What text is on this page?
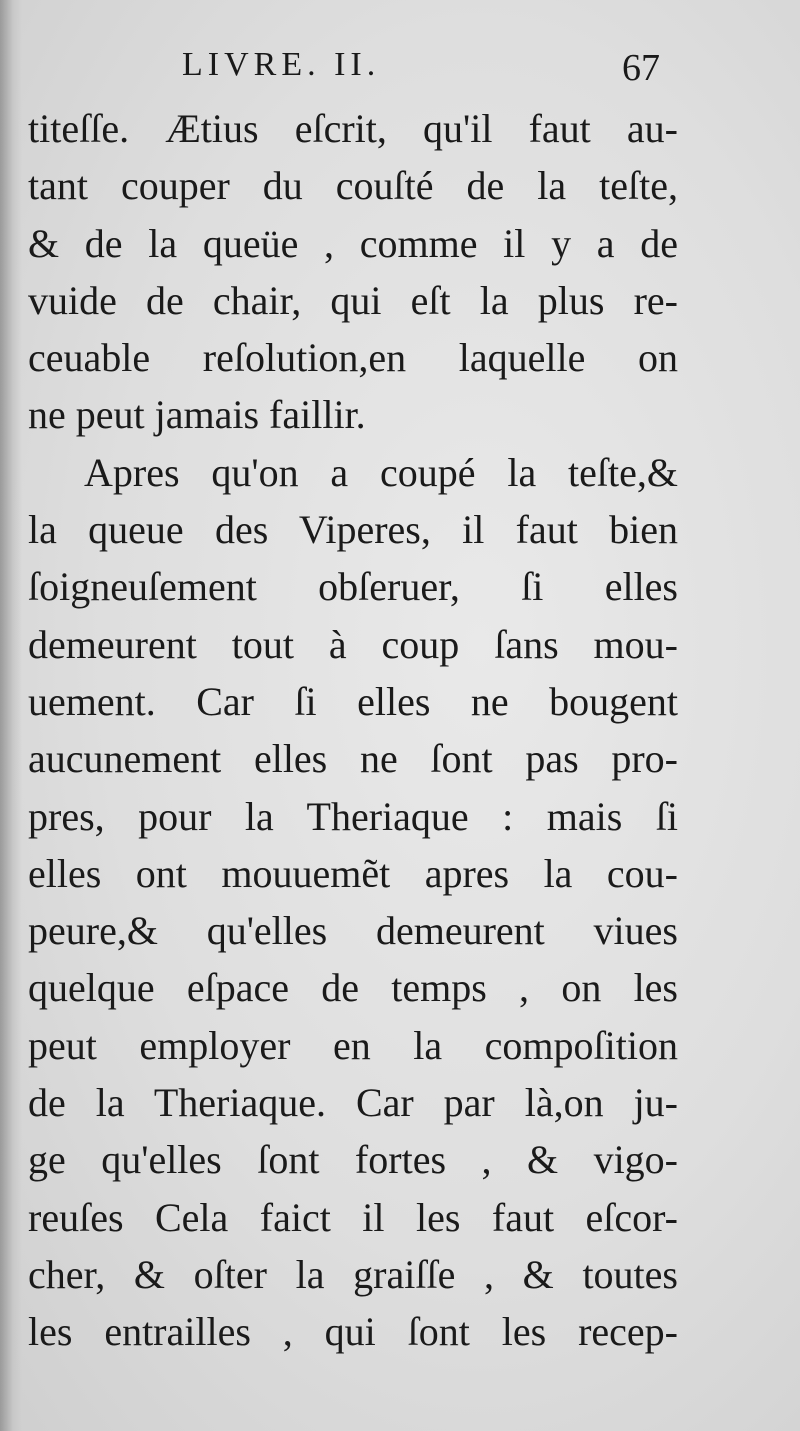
LIVRE. II.	67
titeſſe. Ætius eſcrit, qu'il faut au-
tant couper du couſté de la teſte,
& de la queüe , comme il y a de
vuide de chair, qui eſt la plus re-
ceuable reſolution,en laquelle on
ne peut jamais faillir.
Apres qu'on a coupé la teſte,&
la queue des Viperes, il faut bien
ſoigneuſement obſeruer, ſi elles
demeurent tout à coup ſans mou-
uement. Car ſi elles ne bougent
aucunement elles ne ſont pas pro-
pres, pour la Theriaque : mais ſi
elles ont mouuemẽt apres la cou-
peure,& qu'elles demeurent viues
quelque eſpace de temps , on les
peut employer en la compoſition
de la Theriaque. Car par là,on ju-
ge qu'elles ſont fortes , & vigo-
reuſes Cela faict il les faut eſcor-
cher, & oſter la graiſſe , & toutes
les entrailles , qui ſont les recep-
